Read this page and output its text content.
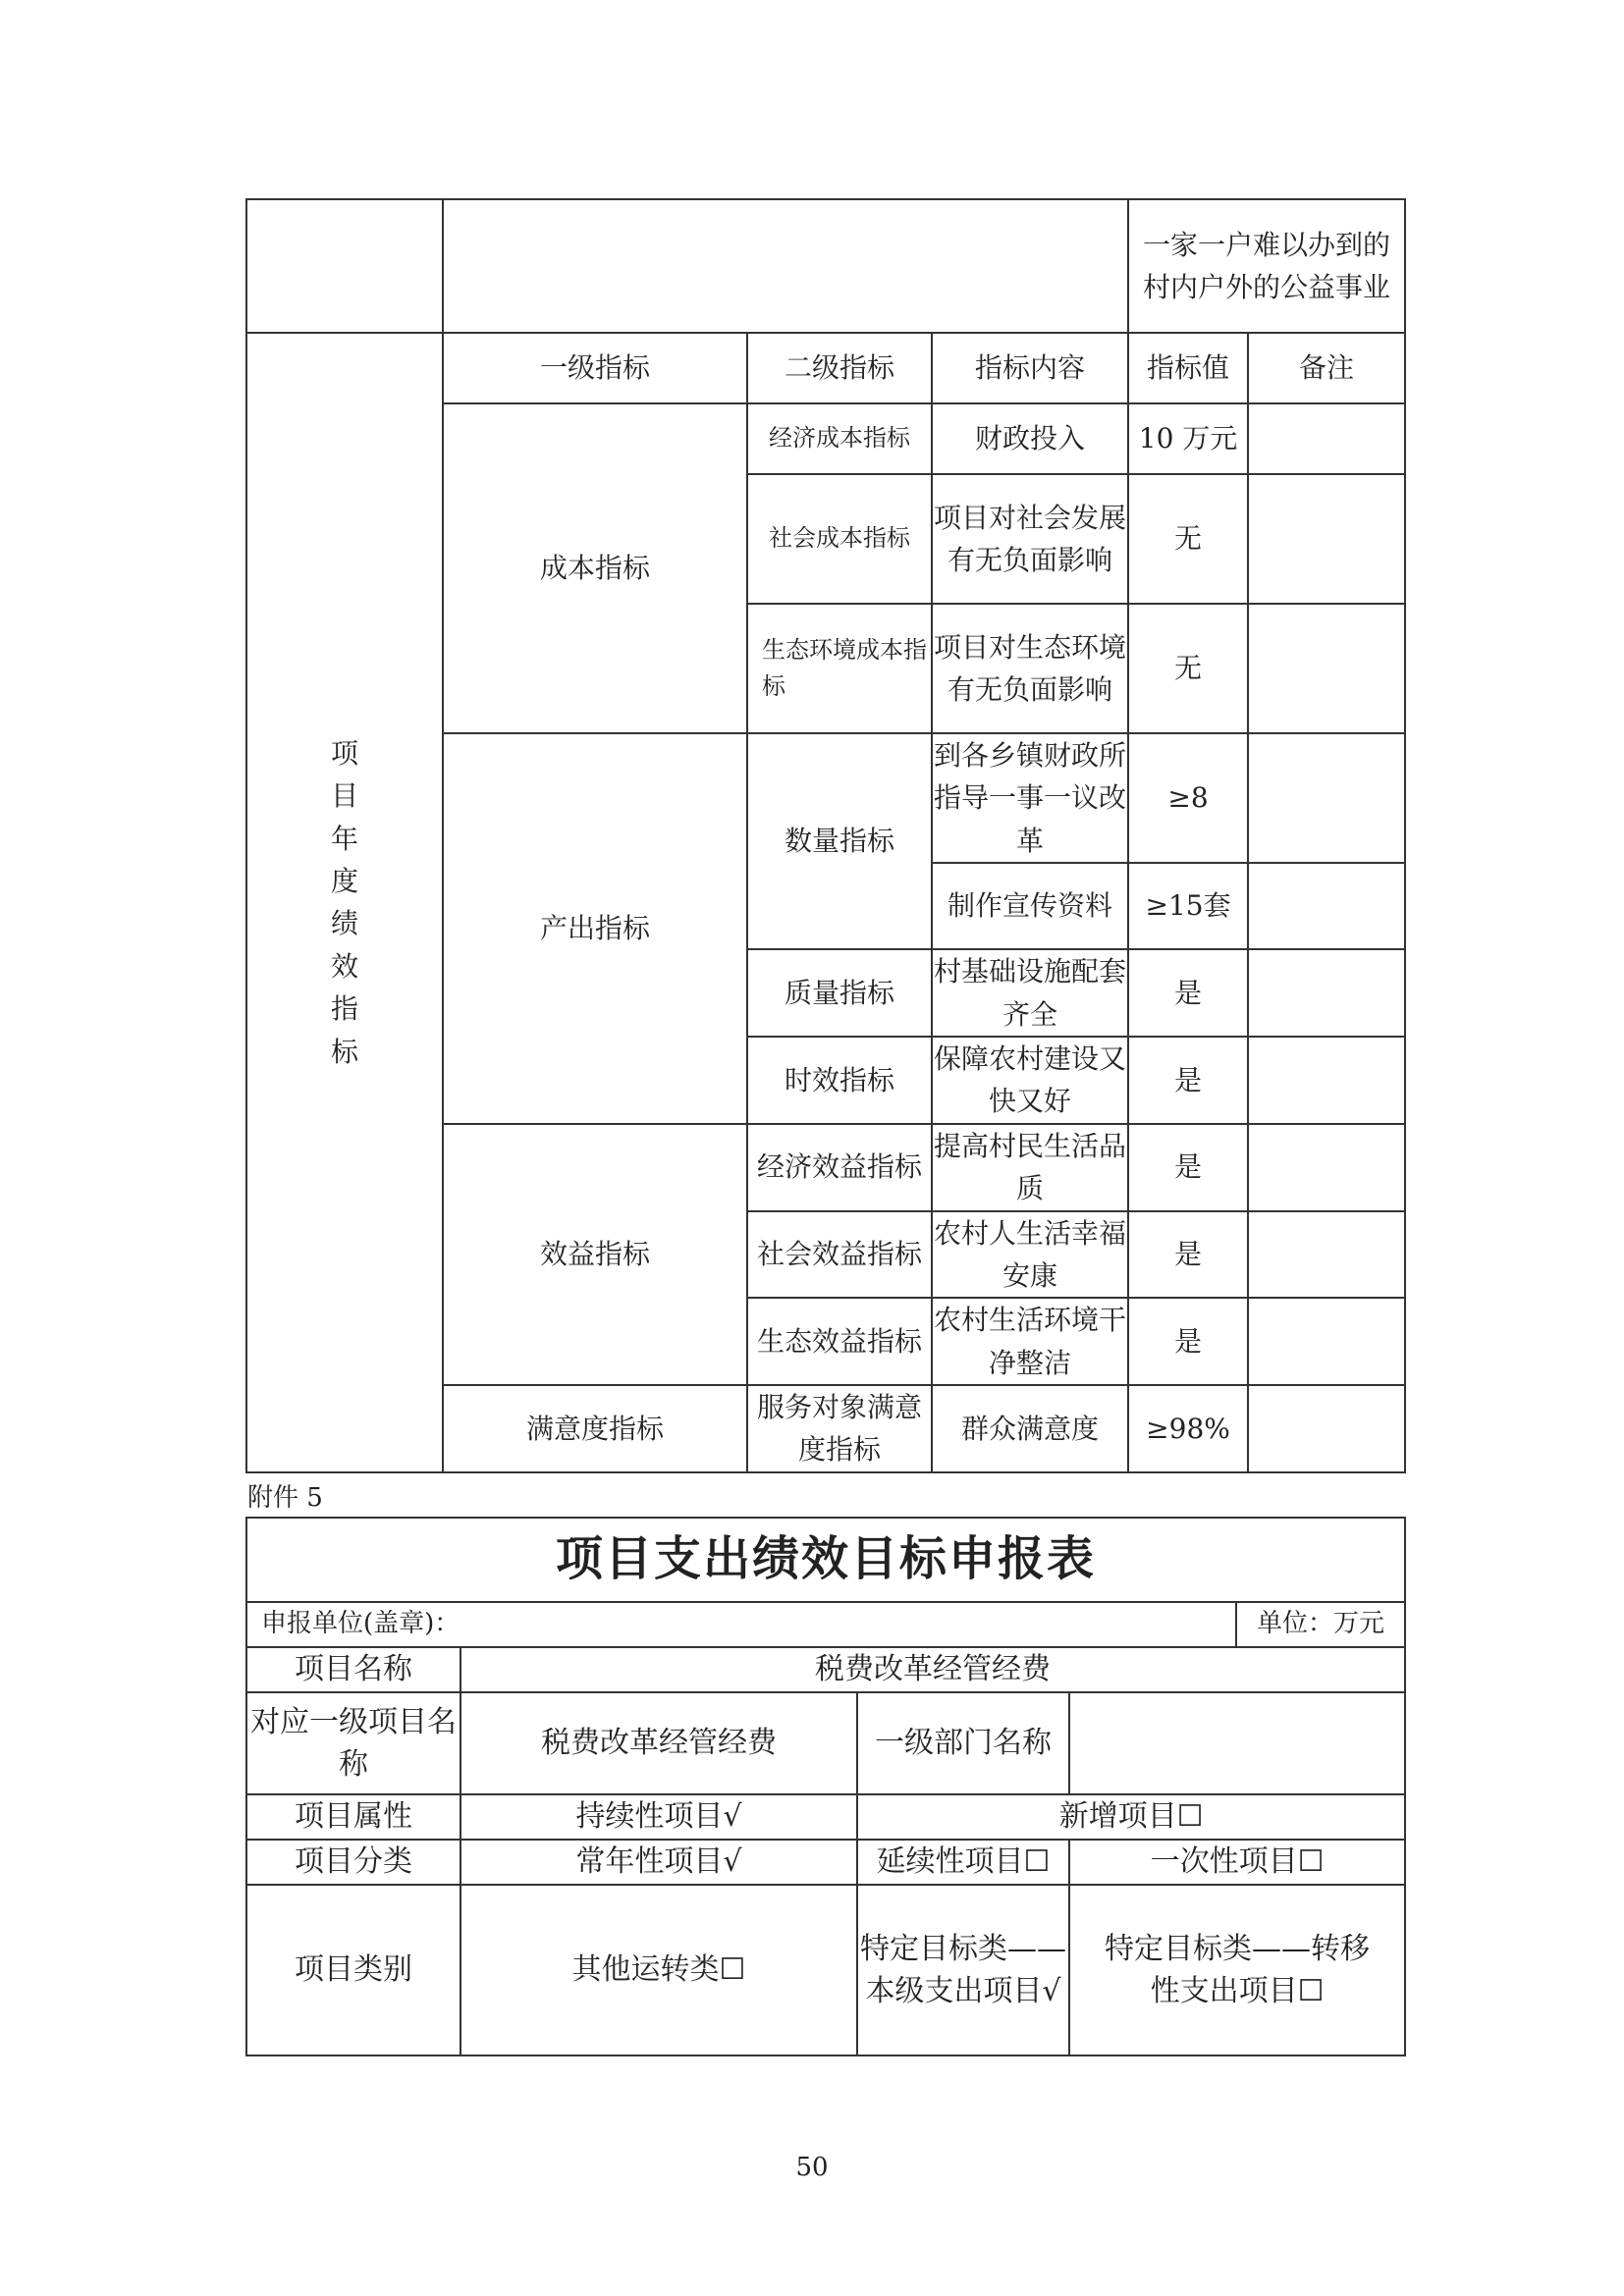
				一家一户难以办到的村内户外的公益事业	

项目年度绩效指标	一级指标	二级指标	指标内容	指标值	备注
	成本指标	经济成本指标	财政投入	10 万元	
		社会成本指标	项目对社会发展有无负面影响	无	
		生态环境成本指标	项目对生态环境有无负面影响	无	
	产出指标	数量指标	到各乡镇财政所指导一事一议改革	≥8	
			制作宣传资料	≥15套	
		质量指标	村基础设施配套齐全	是	
		时效指标	保障农村建设又快又好	是	
	效益指标	经济效益指标	提高村民生活品质	是	
		社会效益指标	农村人生活幸福安康	是	
		生态效益指标	农村生活环境干净整洁	是	
	满意度指标	服务对象满意度指标	群众满意度	≥98%	
附件 5
项目支出绩效目标申报表				
申报单位(盖章)：				单位：万元
项目名称	税费改革经管经费			
对应一级项目名称	税费改革经管经费	一级部门名称		
项目属性	持续性项目√	新增项目☐		
项目分类	常年性项目√	延续性项目☐	一次性项目☐	
项目类别	其他运转类☐	特定目标类——本级支出项目√	特定目标类——转移性支出项目☐	
50
